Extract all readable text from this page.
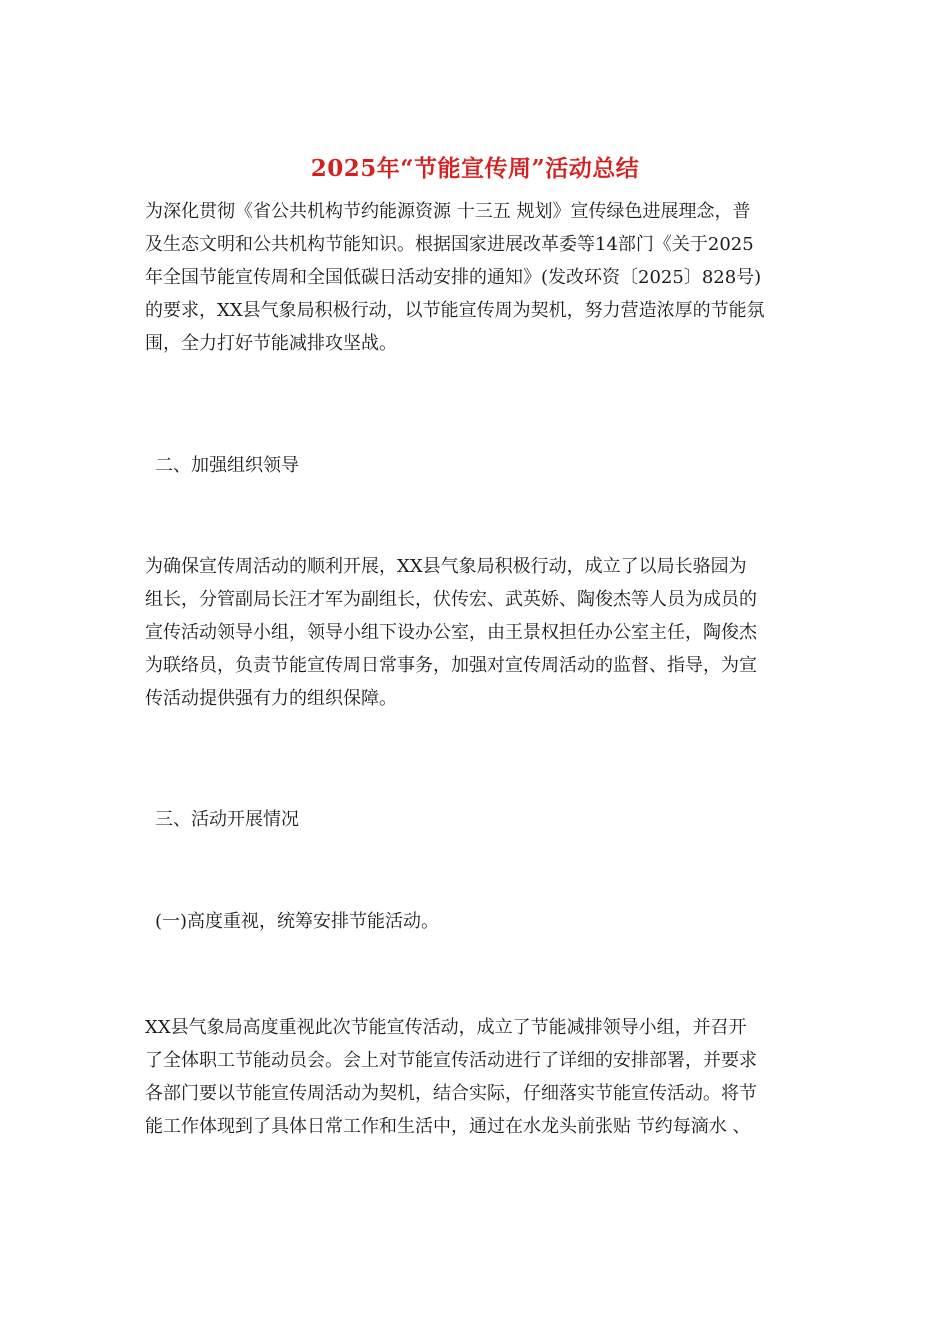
2025年“节能宣传周”活动总结
为深化贯彻《省公共机构节约能源资源 十三五 规划》宣传绿色进展理念，普
及生态文明和公共机构节能知识。根据国家进展改革委等14部门《关于2025
年全国节能宣传周和全国低碳日活动安排的通知》(发改环资〔2025〕828号)
的要求，XX县气象局积极行动，以节能宣传周为契机，努力营造浓厚的节能氛
围，全力打好节能减排攻坚战。
二、加强组织领导
为确保宣传周活动的顺利开展，XX县气象局积极行动，成立了以局长骆园为
组长，分管副局长汪才军为副组长，伏传宏、武英娇、陶俊杰等人员为成员的
宣传活动领导小组，领导小组下设办公室，由王景权担任办公室主任，陶俊杰
为联络员，负责节能宣传周日常事务，加强对宣传周活动的监督、指导，为宣
传活动提供强有力的组织保障。
三、活动开展情况
(一)高度重视，统筹安排节能活动。
XX县气象局高度重视此次节能宣传活动，成立了节能减排领导小组，并召开
了全体职工节能动员会。会上对节能宣传活动进行了详细的安排部署，并要求
各部门要以节能宣传周活动为契机，结合实际，仔细落实节能宣传活动。将节
能工作体现到了具体日常工作和生活中，通过在水龙头前张贴 节约每滴水 、
